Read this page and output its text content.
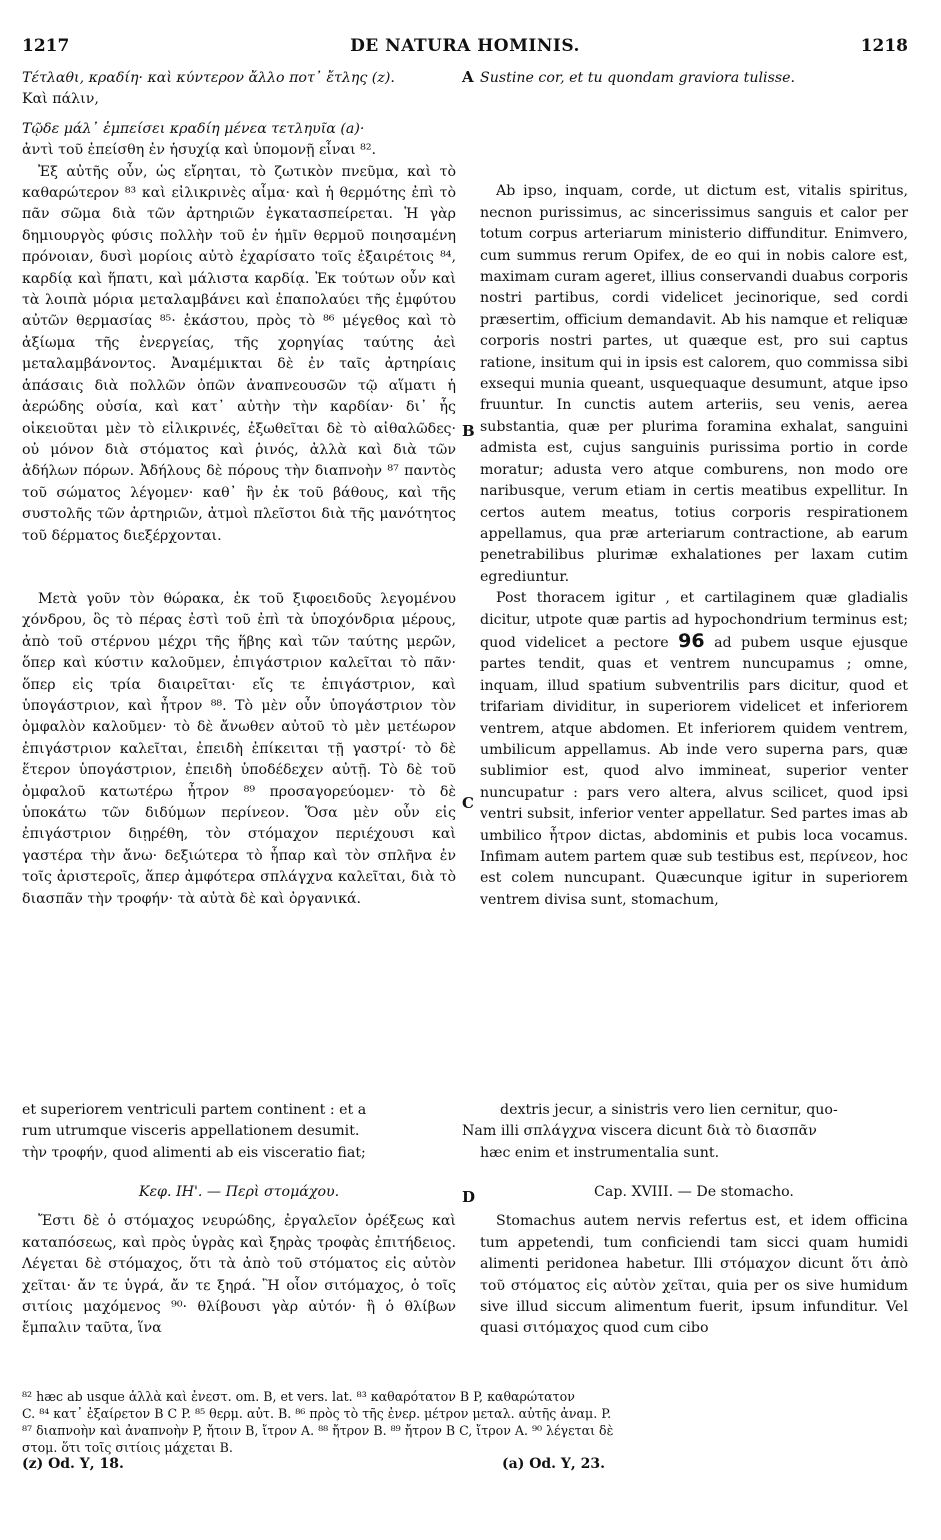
1217	DE NATURA HOMINIS.	1218
A
B
C
D

Τέτλαθι, κραδίη· καὶ κύντερον ἄλλο ποτ᾽ ἔτλης (z).

Καὶ πάλιν,

Τῷδε μάλ᾽ ἐμπείσει κραδίη μένεα τετληυῖα (a)·

ἀντὶ τοῦ ἐπείσθη ἐν ἡσυχίᾳ καὶ ὑπομονῇ εἶναι ⁸².

Ἐξ αὐτῆς οὖν, ὡς εἴρηται, τὸ ζωτικὸν πνεῦμα, καὶ τὸ καθαρώτερον ⁸³ καὶ εἰλικρινὲς αἷμα· καὶ ἡ θερμότης ἐπὶ τὸ πᾶν σῶμα διὰ τῶν ἀρτηριῶν ἐγκατασπείρεται. Ἡ γὰρ δημιουργὸς φύσις πολλὴν τοῦ ἐν ἡμῖν θερμοῦ ποιησαμένη πρόνοιαν, δυσὶ μορίοις αὐτὸ ἐχαρίσατο τοῖς ἐξαιρέτοις ⁸⁴, καρδίᾳ καὶ ἥπατι, καὶ μάλιστα καρδίᾳ. Ἐκ τούτων οὖν καὶ τὰ λοιπὰ μόρια μεταλαμβάνει καὶ ἐπαπολαύει τῆς ἐμφύτου αὐτῶν θερμασίας ⁸⁵· ἑκάστου, πρὸς τὸ ⁸⁶ μέγεθος καὶ τὸ ἀξίωμα τῆς ἐνεργείας, τῆς χορηγίας ταύτης ἀεὶ μεταλαμβάνοντος. Ἀναμέμικται δὲ ἐν ταῖς ἀρτηρίαις ἁπάσαις διὰ πολλῶν ὀπῶν ἀναπνεουσῶν τῷ αἵματι ἡ ἀερώδης οὐσία, καὶ κατ᾽ αὐτὴν τὴν καρδίαν· δι᾽ ἧς οἰκειοῦται μὲν τὸ εἰλικρινές, ἐξωθεῖται δὲ τὸ αἰθαλῶδες· οὐ μόνον διὰ στόματος καὶ ῥινός, ἀλλὰ καὶ διὰ τῶν ἀδήλων πόρων. Ἀδήλους δὲ πόρους τὴν διαπνοὴν ⁸⁷ παντὸς τοῦ σώματος λέγομεν· καθ᾽ ἣν ἐκ τοῦ βάθους, καὶ τῆς συστολῆς τῶν ἀρτηριῶν, ἀτμοὶ πλεῖστοι διὰ τῆς μανότητος τοῦ δέρματος διεξέρχονται.

Μετὰ γοῦν τὸν θώρακα, ἐκ τοῦ ξιφοειδοῦς λεγομένου χόνδρου, ὃς τὸ πέρας ἐστὶ τοῦ ἐπὶ τὰ ὑποχόνδρια μέρους, ἀπὸ τοῦ στέρνου μέχρι τῆς ἥβης καὶ τῶν ταύτης μερῶν, ὅπερ καὶ κύστιν καλοῦμεν, ἐπιγάστριον καλεῖται τὸ πᾶν· ὅπερ εἰς τρία διαιρεῖται· εἴς τε ἐπιγάστριον, καὶ ὑπογάστριον, καὶ ἦτρον ⁸⁸. Τὸ μὲν οὖν ὑπογάστριον τὸν ὀμφαλὸν καλοῦμεν· τὸ δὲ ἄνωθεν αὐτοῦ τὸ μὲν μετέωρον ἐπιγάστριον καλεῖται, ἐπειδὴ ἐπίκειται τῇ γαστρί· τὸ δὲ ἕτερον ὑπογάστριον, ἐπειδὴ ὑποδέδεχεν αὐτῇ. Τὸ δὲ τοῦ ὀμφαλοῦ κατωτέρω ἦτρον ⁸⁹ προσαγορεύομεν· τὸ δὲ ὑποκάτω τῶν διδύμων περίνεον. Ὅσα μὲν οὖν εἰς ἐπιγάστριον διῃρέθη, τὸν στόμαχον περιέχουσι καὶ γαστέρα τὴν ἄνω· δεξιώτερα τὸ ἧπαρ καὶ τὸν σπλῆνα ἐν τοῖς ἀριστεροῖς, ἅπερ ἀμφότερα σπλάγχνα καλεῖται, διὰ τὸ διασπᾶν τὴν τροφήν· τὰ αὐτὰ δὲ καὶ ὀργανικά.

Sustine cor, et tu quondam graviora tulisse.

Ab ipso, inquam, corde, ut dictum est, vitalis spiritus, necnon purissimus, ac sincerissimus sanguis et calor per totum corpus arteriarum ministerio diffunditur. Enimvero, cum summus rerum Opifex, de eo qui in nobis calore est, maximam curam ageret, illius conservandi duabus corporis nostri partibus, cordi videlicet jecinorique, sed cordi præsertim, officium demandavit. Ab his namque et reliquæ corporis nostri partes, ut quæque est, pro sui captus ratione, insitum qui in ipsis est calorem, quo commissa sibi exsequi munia queant, usquequaque desumunt, atque ipso fruuntur. In cunctis autem arteriis, seu venis, aerea substantia, quæ per plurima foramina exhalat, sanguini admista est, cujus sanguinis purissima portio in corde moratur; adusta vero atque comburens, non modo ore naribusque, verum etiam in certis meatibus expellitur. In certos autem meatus, totius corporis respirationem appellamus, qua præ arteriarum contractione, ab earum penetrabilibus plurimæ exhalationes per laxam cutim egrediuntur.

Post thoracem igitur , et cartilaginem quæ gladialis dicitur, utpote quæ partis ad hypochondrium terminus est; quod videlicet a pectore 96 ad pubem usque ejusque partes tendit, quas et ventrem nuncupamus ; omne, inquam, illud spatium subventrilis pars dicitur, quod et trifariam dividitur, in superiorem videlicet et inferiorem ventrem, atque abdomen. Et inferiorem quidem ventrem, umbilicum appellamus. Ab inde vero superna pars, quæ sublimior est, quod alvo immineat, superior venter nuncupatur : pars vero altera, alvus scilicet, quod ipsi ventri subsit, inferior venter appellatur. Sed partes imas ab umbilico ἦτρον dictas, abdominis et pubis loca vocamus. Infimam autem partem quæ sub testibus est, περίνεον, hoc est colem nuncupant. Quæcunque igitur in superiorem ventrem divisa sunt, stomachum,

et superiorem ventriculi partem continent : et a	dextris jecur, a sinistris vero lien cernitur, quo-
rum utrumque visceris appellationem desumit.	Nam illi σπλάγχνα viscera dicunt διὰ τὸ διασπᾶν
τὴν τροφήν, quod alimenti ab eis visceratio fiat;	hæc enim et instrumentalia sunt.

Κεφ. ΙΗ'. — Περὶ στομάχου.

Ἔστι δὲ ὁ στόμαχος νευρώδης, ἐργαλεῖον ὀρέξεως καὶ καταπόσεως, καὶ πρὸς ὑγρὰς καὶ ξηρὰς τροφὰς ἐπιτήδειος. Λέγεται δὲ στόμαχος, ὅτι τὰ ἀπὸ τοῦ στόματος εἰς αὐτὸν χεῖται· ἄν τε ὑγρά, ἄν τε ξηρά. Ἢ οἷον σιτόμαχος, ὁ τοῖς σιτίοις μαχόμενος ⁹⁰· θλίβουσι γὰρ αὐτόν· ἢ ὁ θλίβων ἔμπαλιν ταῦτα, ἵνα

Cap. XVIII. — De stomacho.

Stomachus autem nervis refertus est, et idem officina tum appetendi, tum conficiendi tam sicci quam humidi alimenti peridonea habetur. Illi στόμαχον dicunt ὅτι ἀπὸ τοῦ στόματος εἰς αὐτὸν χεῖται, quia per os sive humidum sive illud siccum alimentum fuerit, ipsum infunditur. Vel quasi σιτόμαχος quod cum cibo

⁸² hæc ab usque ἀλλὰ καὶ ἐνεστ. om. B, et vers. lat. ⁸³ καθαρότατον B P, καθαρώτατον
C. ⁸⁴ κατ᾽ ἐξαίρετον B C P. ⁸⁵ θερμ. αὐτ. B. ⁸⁶ πρὸς τὸ τῆς ἐνερ. μέτρον μεταλ. αὐτῆς ἀναμ. P.
⁸⁷ διαπνοὴν καὶ ἀναπνοὴν P, ἤτοιν B, ἴτρον A. ⁸⁸ ἤτρον B. ⁸⁹ ἤτρον B C, ἴτρον A. ⁹⁰ λέγεται δὲ
στομ. ὅτι τοῖς σιτίοις μάχεται B.
(z) Od. Υ, 18.	(a) Od. Υ, 23.
